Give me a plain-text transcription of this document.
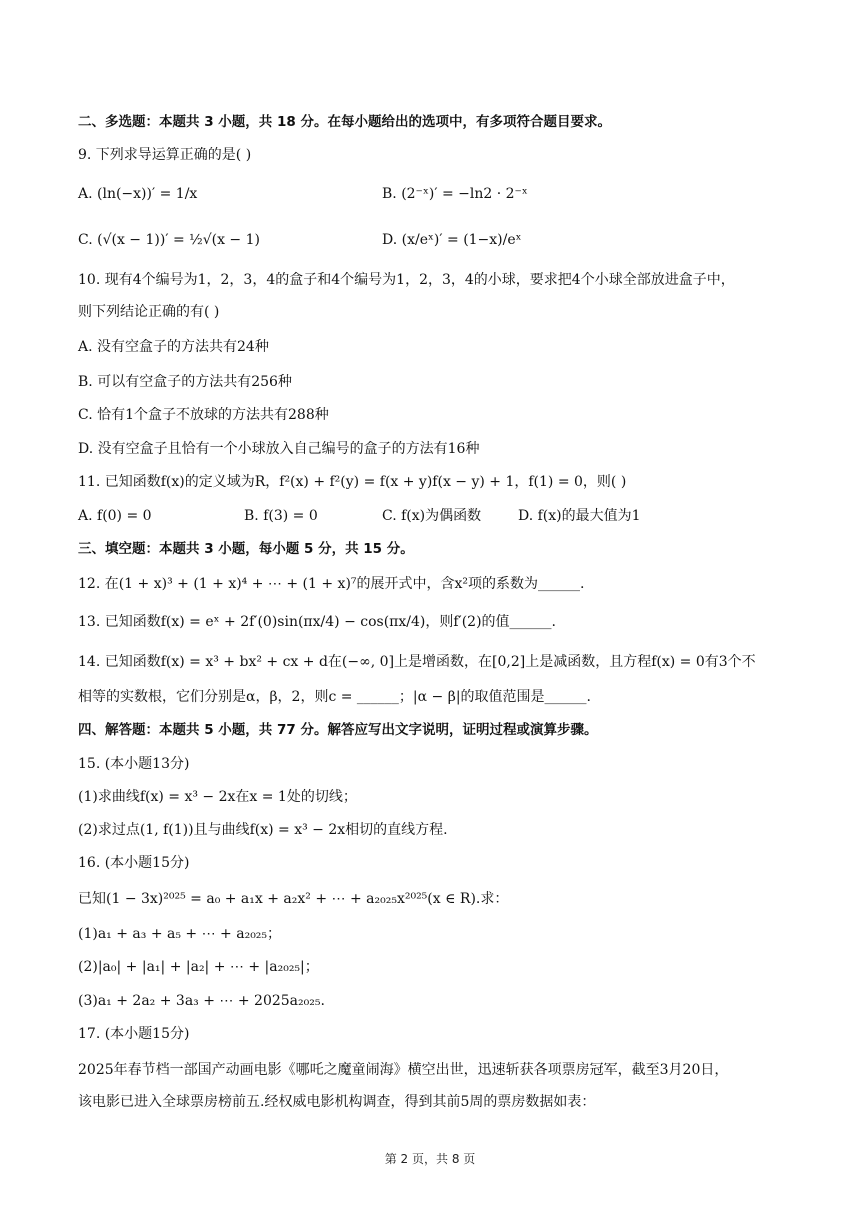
二、多选题：本题共 3 小题，共 18 分。在每小题给出的选项中，有多项符合题目要求。
9. 下列求导运算正确的是( )
A. (ln(−x))′ = 1/x	B. (2⁻ˣ)′ = −ln2 · 2⁻ˣ
C. (√(x − 1))′ = ½√(x − 1)	D. (x/eˣ)′ = (1−x)/eˣ
10. 现有4个编号为1，2，3，4的盒子和4个编号为1，2，3，4的小球，要求把4个小球全部放进盒子中，
则下列结论正确的有( )
A. 没有空盒子的方法共有24种
B. 可以有空盒子的方法共有256种
C. 恰有1个盒子不放球的方法共有288种
D. 没有空盒子且恰有一个小球放入自己编号的盒子的方法有16种
11. 已知函数f(x)的定义域为R，f²(x) + f²(y) = f(x + y)f(x − y) + 1，f(1) = 0，则( )
A. f(0) = 0	B. f(3) = 0	C. f(x)为偶函数	D. f(x)的最大值为1
三、填空题：本题共 3 小题，每小题 5 分，共 15 分。
12. 在(1 + x)³ + (1 + x)⁴ + ⋯ + (1 + x)⁷的展开式中，含x²项的系数为______.
13. 已知函数f(x) = eˣ + 2f′(0)sin(πx/4) − cos(πx/4)，则f′(2)的值______.
14. 已知函数f(x) = x³ + bx² + cx + d在(−∞, 0]上是增函数，在[0,2]上是减函数，且方程f(x) = 0有3个不
相等的实数根，它们分别是α，β，2，则c = ______；|α − β|的取值范围是______.
四、解答题：本题共 5 小题，共 77 分。解答应写出文字说明，证明过程或演算步骤。
15. (本小题13分)
(1)求曲线f(x) = x³ − 2x在x = 1处的切线；
(2)求过点(1, f(1))且与曲线f(x) = x³ − 2x相切的直线方程.
16. (本小题15分)
已知(1 − 3x)²⁰²⁵ = a₀ + a₁x + a₂x² + ⋯ + a₂₀₂₅x²⁰²⁵(x ∈ R).求：
(1)a₁ + a₃ + a₅ + ⋯ + a₂₀₂₅；
(2)|a₀| + |a₁| + |a₂| + ⋯ + |a₂₀₂₅|；
(3)a₁ + 2a₂ + 3a₃ + ⋯ + 2025a₂₀₂₅.
17. (本小题15分)
2025年春节档一部国产动画电影《哪吒之魔童闹海》横空出世，迅速斩获各项票房冠军，截至3月20日，
该电影已进入全球票房榜前五.经权威电影机构调查，得到其前5周的票房数据如表：
第 2 页，共 8 页
